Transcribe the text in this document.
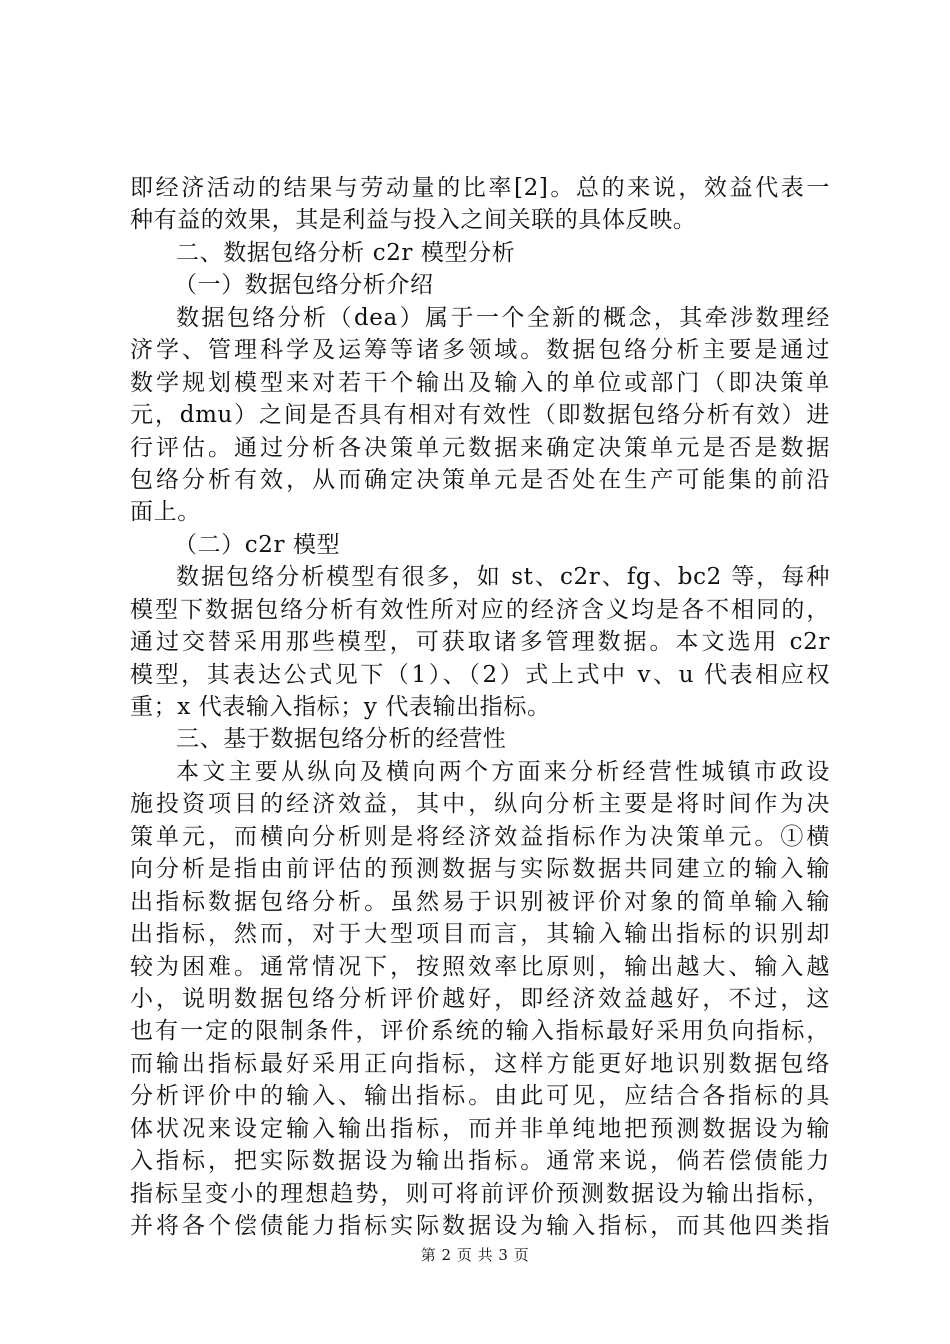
即经济活动的结果与劳动量的比率[2]。总的来说，效益代表一
种有益的效果，其是利益与投入之间关联的具体反映。
二、数据包络分析 c2r 模型分析
（一）数据包络分析介绍
数据包络分析（dea）属于一个全新的概念，其牵涉数理经
济学、管理科学及运筹等诸多领域。数据包络分析主要是通过
数学规划模型来对若干个输出及输入的单位或部门（即决策单
元，dmu）之间是否具有相对有效性（即数据包络分析有效）进
行评估。通过分析各决策单元数据来确定决策单元是否是数据
包络分析有效，从而确定决策单元是否处在生产可能集的前沿
面上。
（二）c2r 模型
数据包络分析模型有很多，如 st、c2r、fg、bc2 等，每种
模型下数据包络分析有效性所对应的经济含义均是各不相同的，
通过交替采用那些模型，可获取诸多管理数据。本文选用 c2r
模型，其表达公式见下（1）、（2）式上式中 v、u 代表相应权
重；x 代表输入指标；y 代表输出指标。
三、基于数据包络分析的经营性
本文主要从纵向及横向两个方面来分析经营性城镇市政设
施投资项目的经济效益，其中，纵向分析主要是将时间作为决
策单元，而横向分析则是将经济效益指标作为决策单元。①横
向分析是指由前评估的预测数据与实际数据共同建立的输入输
出指标数据包络分析。虽然易于识别被评价对象的简单输入输
出指标，然而，对于大型项目而言，其输入输出指标的识别却
较为困难。通常情况下，按照效率比原则，输出越大、输入越
小，说明数据包络分析评价越好，即经济效益越好，不过，这
也有一定的限制条件，评价系统的输入指标最好采用负向指标，
而输出指标最好采用正向指标，这样方能更好地识别数据包络
分析评价中的输入、输出指标。由此可见，应结合各指标的具
体状况来设定输入输出指标，而并非单纯地把预测数据设为输
入指标，把实际数据设为输出指标。通常来说，倘若偿债能力
指标呈变小的理想趋势，则可将前评价预测数据设为输出指标，
并将各个偿债能力指标实际数据设为输入指标，而其他四类指
第 2 页 共 3 页
